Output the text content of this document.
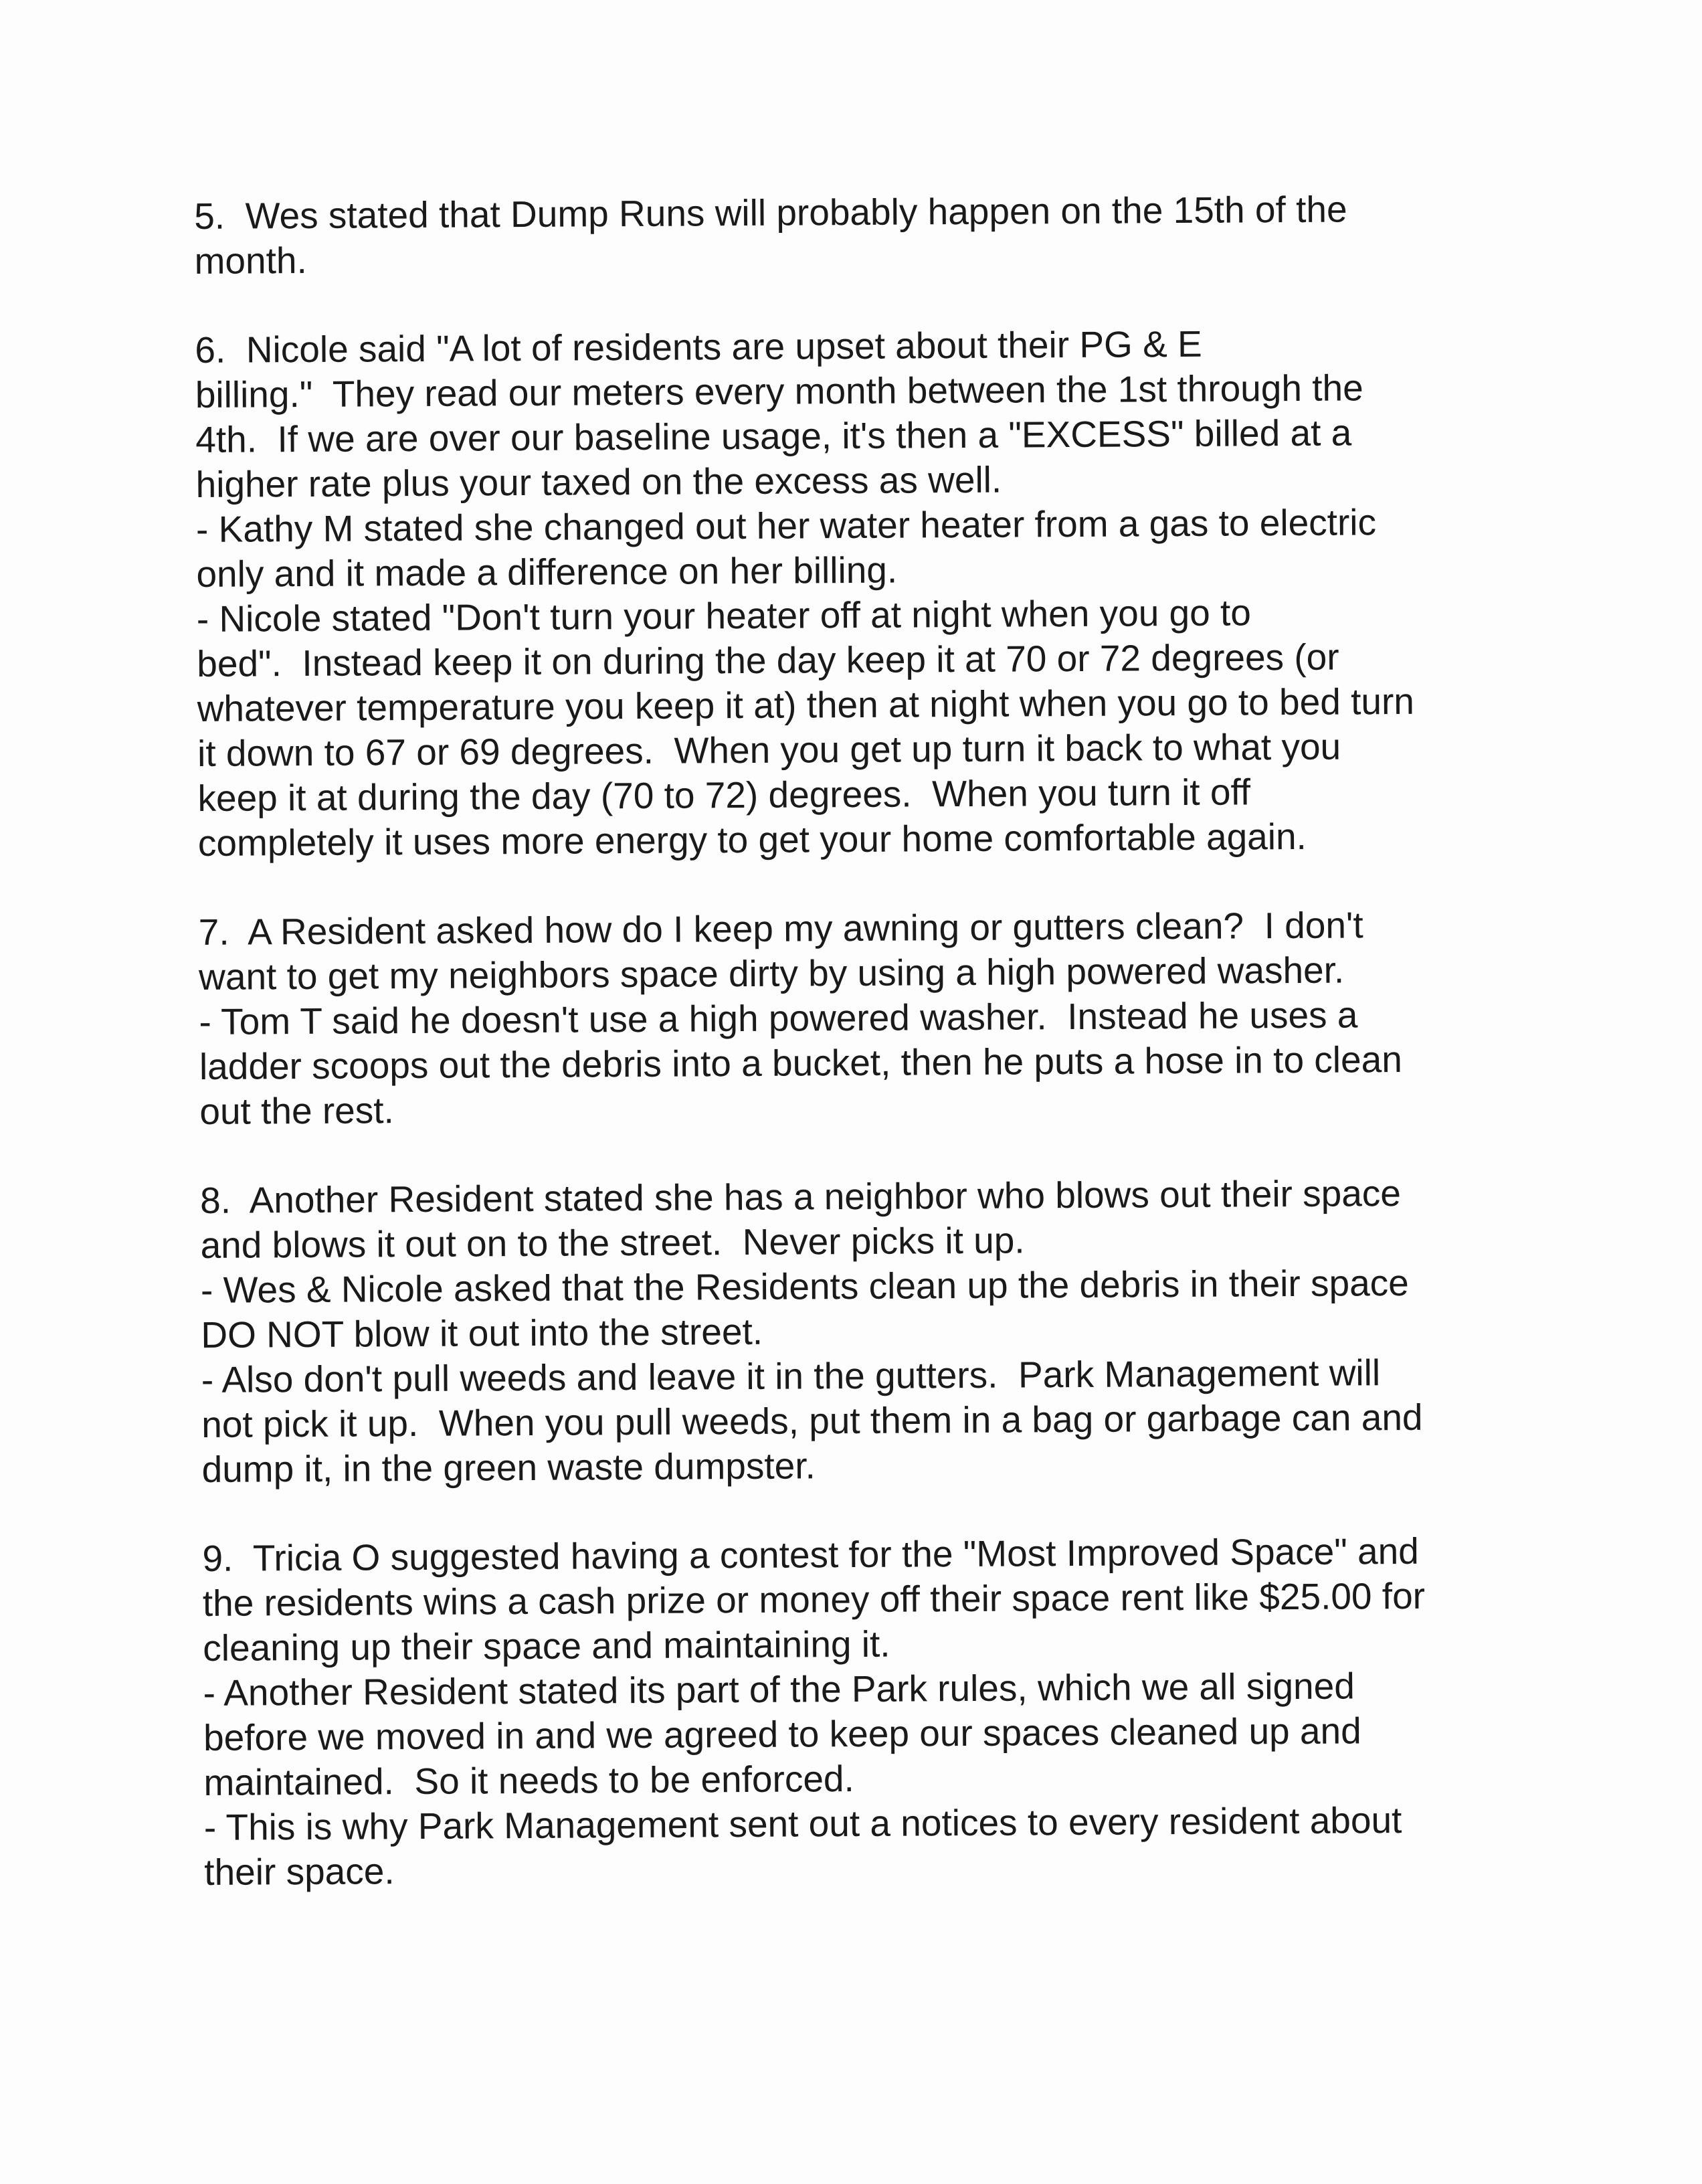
5.  Wes stated that Dump Runs will probably happen on the 15th of the
month.
6.  Nicole said "A lot of residents are upset about their PG & E
billing."  They read our meters every month between the 1st through the
4th.  If we are over our baseline usage, it's then a "EXCESS" billed at a
higher rate plus your taxed on the excess as well.
- Kathy M stated she changed out her water heater from a gas to electric
only and it made a difference on her billing.
- Nicole stated "Don't turn your heater off at night when you go to
bed".  Instead keep it on during the day keep it at 70 or 72 degrees (or
whatever temperature you keep it at) then at night when you go to bed turn
it down to 67 or 69 degrees.  When you get up turn it back to what you
keep it at during the day (70 to 72) degrees.  When you turn it off
completely it uses more energy to get your home comfortable again.
7.  A Resident asked how do I keep my awning or gutters clean?  I don't
want to get my neighbors space dirty by using a high powered washer.
- Tom T said he doesn't use a high powered washer.  Instead he uses a
ladder scoops out the debris into a bucket, then he puts a hose in to clean
out the rest.
8.  Another Resident stated she has a neighbor who blows out their space
and blows it out on to the street.  Never picks it up.
- Wes & Nicole asked that the Residents clean up the debris in their space
DO NOT blow it out into the street.
- Also don't pull weeds and leave it in the gutters.  Park Management will
not pick it up.  When you pull weeds, put them in a bag or garbage can and
dump it, in the green waste dumpster.
9.  Tricia O suggested having a contest for the "Most Improved Space" and
the residents wins a cash prize or money off their space rent like $25.00 for
cleaning up their space and maintaining it.
- Another Resident stated its part of the Park rules, which we all signed
before we moved in and we agreed to keep our spaces cleaned up and
maintained.  So it needs to be enforced.
- This is why Park Management sent out a notices to every resident about
their space.
